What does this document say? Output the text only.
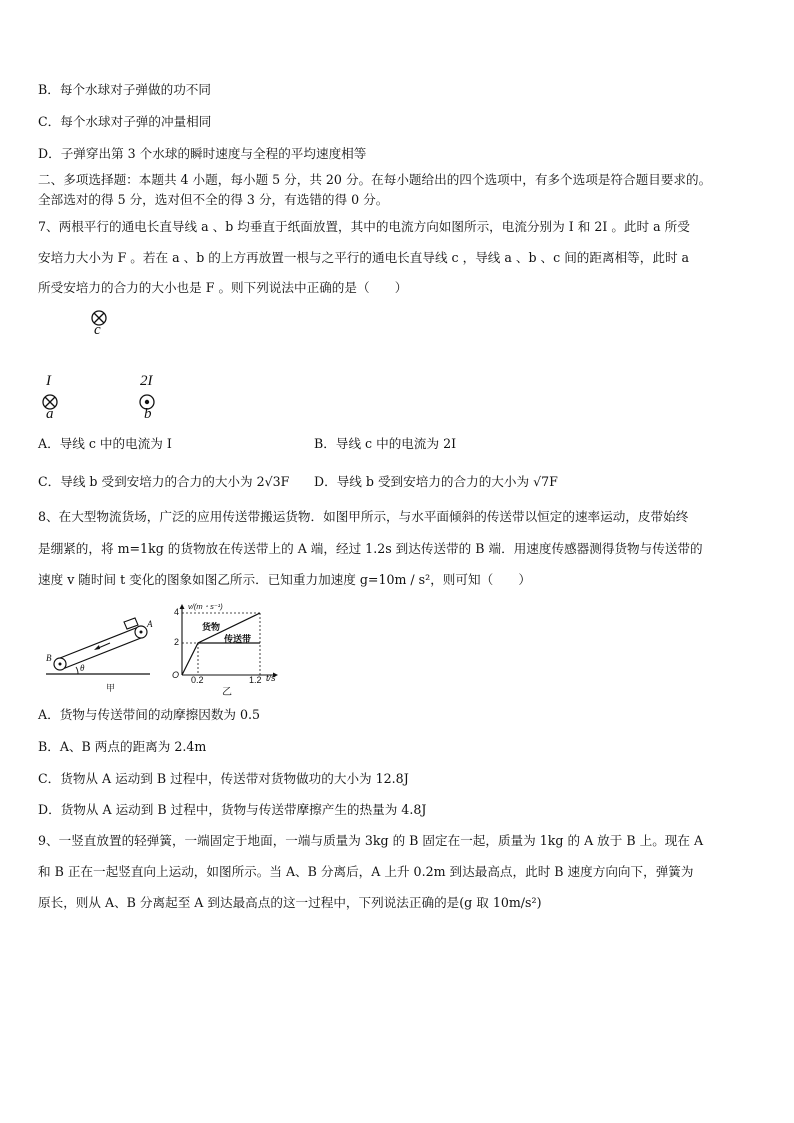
B．每个水球对子弹做的功不同
C．每个水球对子弹的冲量相同
D．子弹穿出第 3 个水球的瞬时速度与全程的平均速度相等
二、多项选择题：本题共 4 小题，每小题 5 分，共 20 分。在每小题给出的四个选项中，有多个选项是符合题目要求的。
全部选对的得 5 分，选对但不全的得 3 分，有选错的得 0 分。
7、两根平行的通电长直导线 a 、b 均垂直于纸面放置，其中的电流方向如图所示，电流分别为 I 和 2I 。此时 a 所受
安培力大小为 F 。若在 a 、b 的上方再放置一根与之平行的通电长直导线 c ，导线 a 、b 、c 间的距离相等，此时 a
所受安培力的合力的大小也是 F 。则下列说法中正确的是（　　）
c
I
a
2I
b
A．导线 c 中的电流为 I	B．导线 c 中的电流为 2I
C．导线 b 受到安培力的合力的大小为 2√3F D．导线 b 受到安培力的合力的大小为 √7F
8、在大型物流货场，广泛的应用传送带搬运货物．如图甲所示，与水平面倾斜的传送带以恒定的速率运动，皮带始终
是绷紧的，将 m=1kg 的货物放在传送带上的 A 端，经过 1.2s 到达传送带的 B 端．用速度传感器测得货物与传送带的
速度 v 随时间 t 变化的图象如图乙所示．已知重力加速度 g=10m / s²，则可知（　　）
A
B
θ
甲
v/(m・s⁻¹)
4
2
O 0.2	1.2 t/s
货物
传送带
乙
A．货物与传送带间的动摩擦因数为 0.5
B．A、B 两点的距离为 2.4m
C．货物从 A 运动到 B 过程中，传送带对货物做功的大小为 12.8J
D．货物从 A 运动到 B 过程中，货物与传送带摩擦产生的热量为 4.8J
9、一竖直放置的轻弹簧，一端固定于地面，一端与质量为 3kg 的 B 固定在一起，质量为 1kg 的 A 放于 B 上。现在 A
和 B 正在一起竖直向上运动，如图所示。当 A、B 分离后，A 上升 0.2m 到达最高点，此时 B 速度方向向下，弹簧为
原长，则从 A、B 分离起至 A 到达最高点的这一过程中，下列说法正确的是(g 取 10m/s²)
